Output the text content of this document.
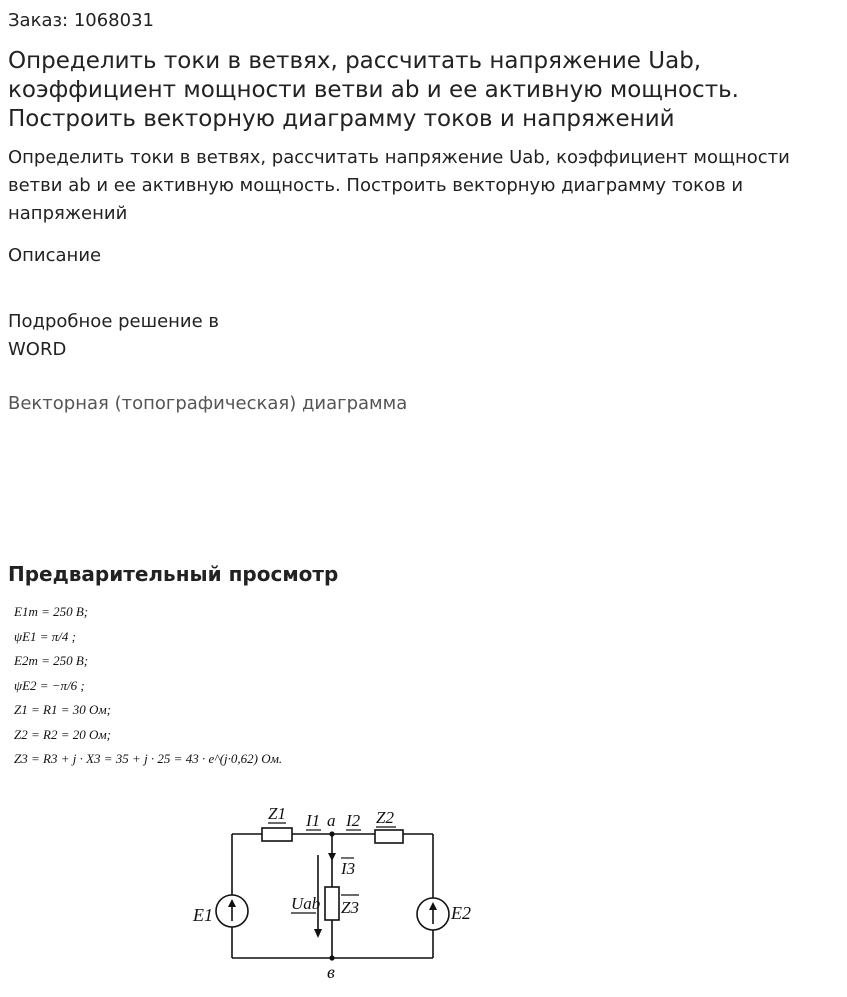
Заказ: 1068031
Определить токи в ветвях, рассчитать напряжение Uab, коэффициент мощности ветви ab и ее активную мощность. Построить векторную диаграмму токов и напряжений

Определить токи в ветвях, рассчитать напряжение Uab, коэффициент мощности ветви ab и ее активную мощность. Построить векторную диаграмму токов и напряжений

Описание
Подробное решение в WORD
Векторная (топографическая) диаграмма
Предварительный просмотр
E1m = 250 В;
ψE1 = π/4 ;
E2m = 250 В;
ψE2 = −π/6 ;
Z1 = R1 = 30 Ом;
Z2 = R2 = 20 Ом;
Z3 = R3 + j · X3 = 35 + j · 25 = 43 · e^(j·0,62) Ом.
Z1 I1 a I2 Z2
I3
Uab Z3
E1	E2
в
